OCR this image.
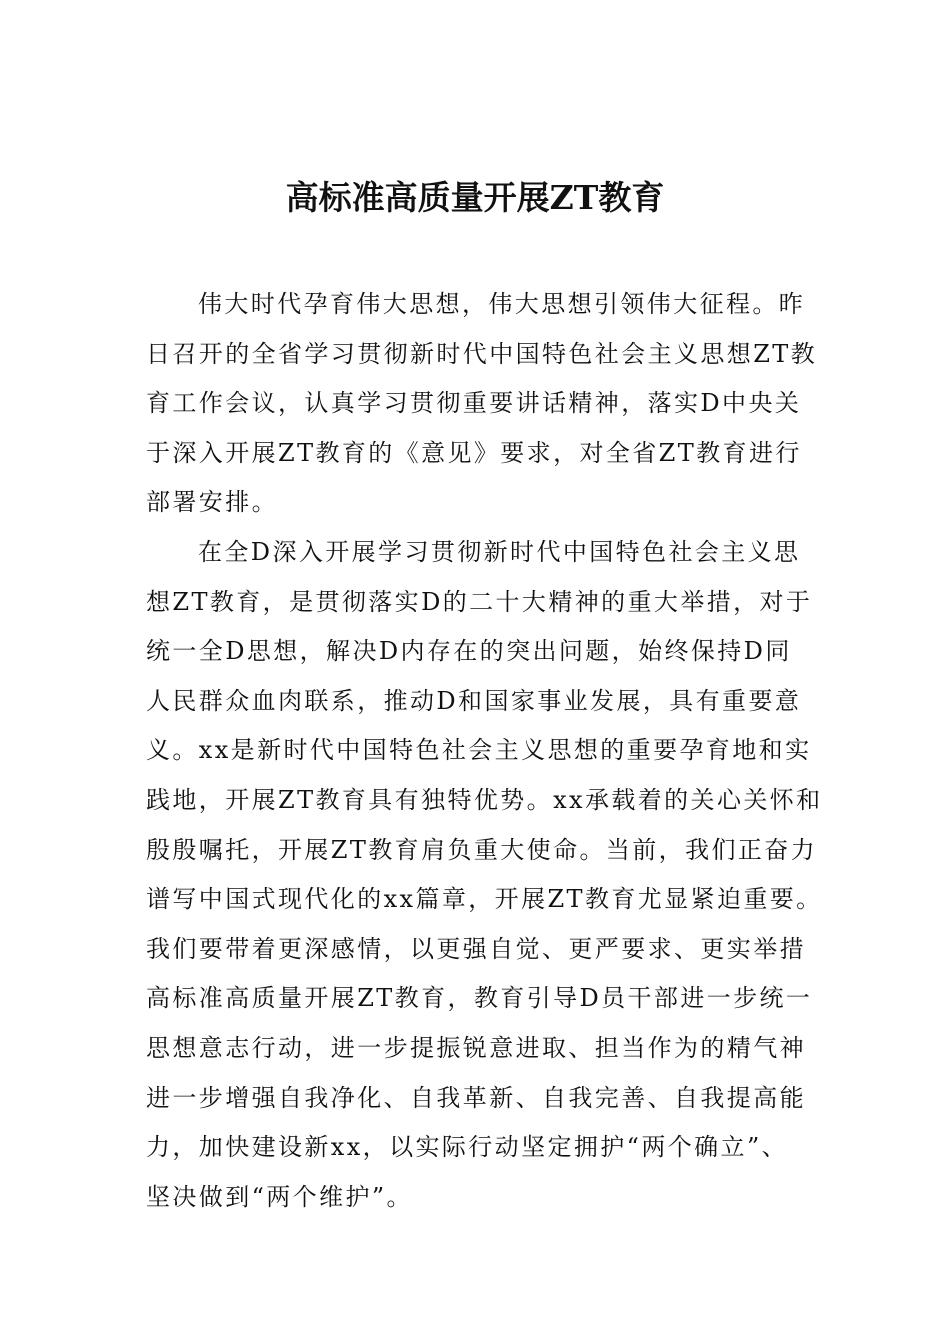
高标准高质量开展ZT教育
伟大时代孕育伟大思想，伟大思想引领伟大征程。昨
日召开的全省学习贯彻新时代中国特色社会主义思想ZT教
育工作会议，认真学习贯彻重要讲话精神，落实D中央关
于深入开展ZT教育的《意见》要求，对全省ZT教育进行
部署安排。
在全D深入开展学习贯彻新时代中国特色社会主义思
想ZT教育，是贯彻落实D的二十大精神的重大举措，对于
统一全D思想，解决D内存在的突出问题，始终保持D同
人民群众血肉联系，推动D和国家事业发展，具有重要意
义。xx是新时代中国特色社会主义思想的重要孕育地和实
践地，开展ZT教育具有独特优势。xx承载着的关心关怀和
殷殷嘱托，开展ZT教育肩负重大使命。当前，我们正奋力
谱写中国式现代化的xx篇章，开展ZT教育尤显紧迫重要。
我们要带着更深感情，以更强自觉、更严要求、更实举措
高标准高质量开展ZT教育，教育引导D员干部进一步统一
思想意志行动，进一步提振锐意进取、担当作为的精气神
进一步增强自我净化、自我革新、自我完善、自我提高能
力，加快建设新xx，以实际行动坚定拥护“两个确立”、
坚决做到“两个维护”。
